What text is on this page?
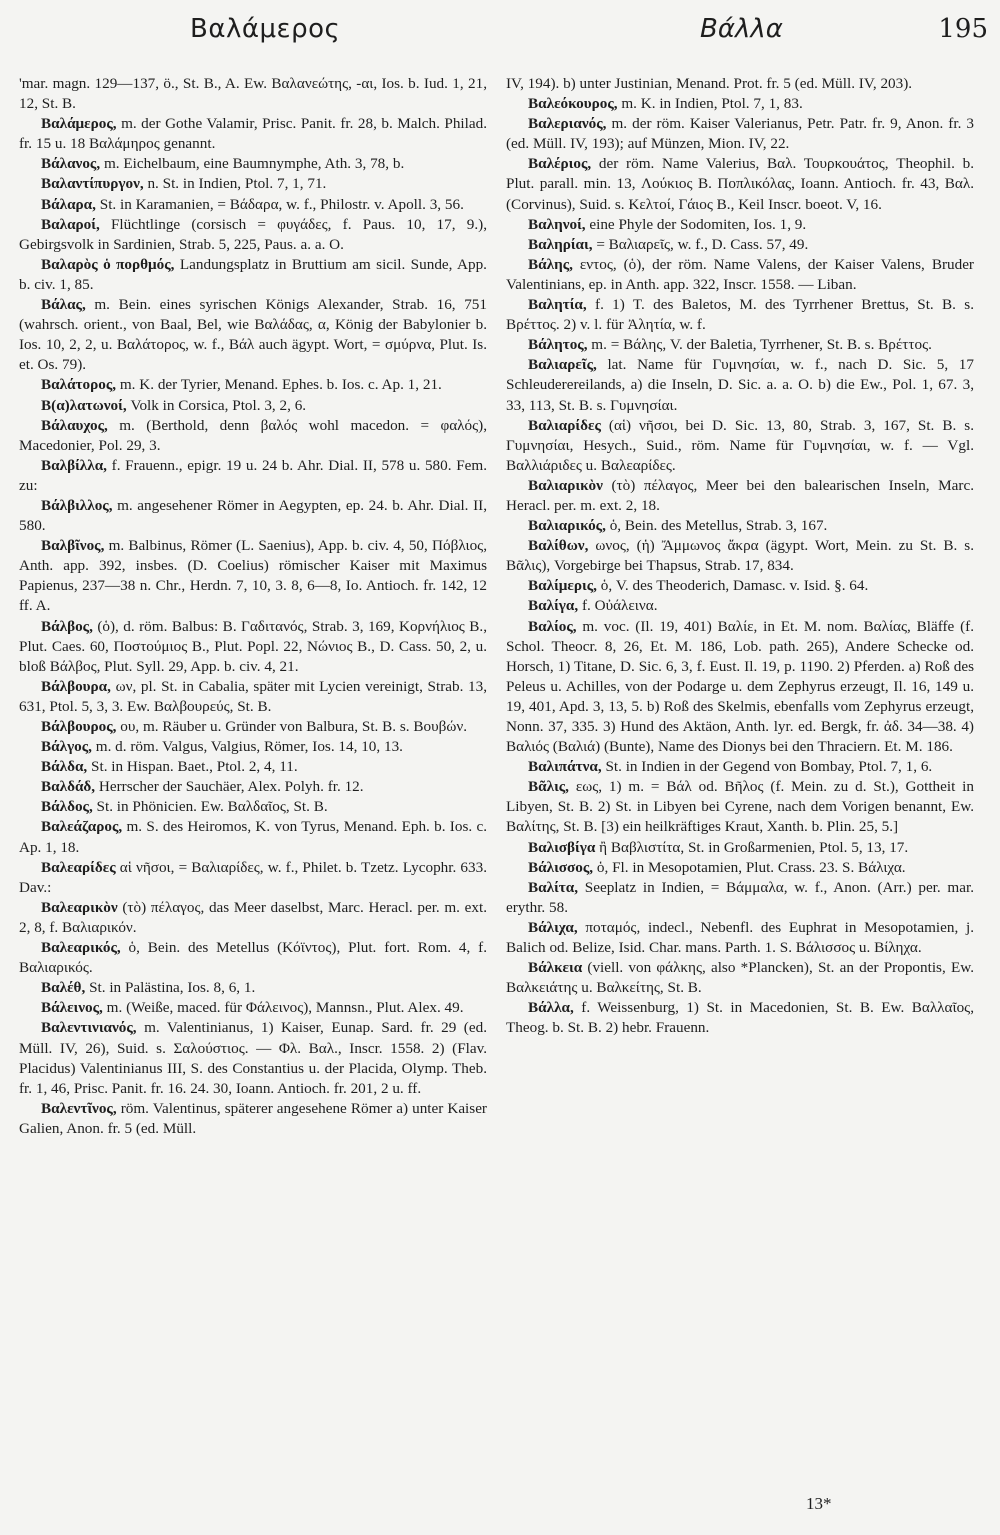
Βαλάμερος	Βάλλα	195

'mar. magn. 129—137, ö., St. B., A. Ew. Βαλανεώτης, -αι, Ios. b. Iud. 1, 21, 12, St. B.

Βαλάμερος, m. der Gothe Valamir, Prisc. Panit. fr. 28, b. Malch. Philad. fr. 15 u. 18 Βαλάμηρος genannt.

Βάλανος, m. Eichelbaum, eine Baumnymphe, Ath. 3, 78, b.

Βαλαντίπυργον, n. St. in Indien, Ptol. 7, 1, 71.

Βάλαρα, St. in Karamanien, = Βάδαρα, w. f., Philostr. v. Apoll. 3, 56.

Βαλαροί, Flüchtlinge (corsisch = φυγάδες, f. Paus. 10, 17, 9.), Gebirgsvolk in Sardinien, Strab. 5, 225, Paus. a. a. O.

Βαλαρὸς ὁ πορθμός, Landungsplatz in Bruttium am sicil. Sunde, App. b. civ. 1, 85.

Βάλας, m. Bein. eines syrischen Königs Alexander, Strab. 16, 751 (wahrsch. orient., von Baal, Bel, wie Βαλάδας, α, König der Babylonier b. Ios. 10, 2, 2, u. Βαλάτορος, w. f., Βάλ auch ägypt. Wort, = σμύρνα, Plut. Is. et. Os. 79).

Βαλάτορος, m. K. der Tyrier, Menand. Ephes. b. Ios. c. Ap. 1, 21.

B(α)λατωνοί, Volk in Corsica, Ptol. 3, 2, 6.

Βάλαυχος, m. (Berthold, denn βαλός wohl macedon. = φαλός), Macedonier, Pol. 29, 3.

Βαλβίλλα, f. Frauenn., epigr. 19 u. 24 b. Ahr. Dial. II, 578 u. 580. Fem. zu:

Βάλβιλλος, m. angesehener Römer in Aegypten, ep. 24. b. Ahr. Dial. II, 580.

Βαλβῖνος, m. Balbinus, Römer (L. Saenius), App. b. civ. 4, 50, Πόβλιος, Anth. app. 392, insbes. (D. Coelius) römischer Kaiser mit Maximus Papienus, 237—38 n. Chr., Herdn. 7, 10, 3. 8, 6—8, Io. Antioch. fr. 142, 12 ff. A.

Βάλβος, (ὁ), d. röm. Balbus: B. Γαδιτανός, Strab. 3, 169, Κορνήλιος B., Plut. Caes. 60, Ποστούμιος B., Plut. Popl. 22, Νώνιος B., D. Cass. 50, 2, u. bloß Βάλβος, Plut. Syll. 29, App. b. civ. 4, 21.

Βάλβουρα, ων, pl. St. in Cabalia, später mit Lycien vereinigt, Strab. 13, 631, Ptol. 5, 3, 3. Ew. Βαλβουρεύς, St. B.

Βάλβουρος, ου, m. Räuber u. Gründer von Balbura, St. B. s. Βουβών.

Βάλγος, m. d. röm. Valgus, Valgius, Römer, Ios. 14, 10, 13.

Βάλδα, St. in Hispan. Baet., Ptol. 2, 4, 11.

Βαλδάδ, Herrscher der Sauchäer, Alex. Polyh. fr. 12.

Βάλδος, St. in Phönicien. Ew. Βαλδαῖος, St. B.

Βαλεάζαρος, m. S. des Heiromos, K. von Tyrus, Menand. Eph. b. Ios. c. Ap. 1, 18.

Βαλεαρίδες αἱ νῆσοι, = Βαλιαρίδες, w. f., Philet. b. Tzetz. Lycophr. 633. Dav.:

Βαλεαρικὸν (τὸ) πέλαγος, das Meer daselbst, Marc. Heracl. per. m. ext. 2, 8, f. Βαλιαρικόν.

Βαλεαρικός, ὁ, Bein. des Metellus (Κόϊντος), Plut. fort. Rom. 4, f. Βαλιαρικός.

Βαλέθ, St. in Palästina, Ios. 8, 6, 1.

Βάλεινος, m. (Weiße, maced. für Φάλεινος), Mannsn., Plut. Alex. 49.

Βαλεντινιανός, m. Valentinianus, 1) Kaiser, Eunap. Sard. fr. 29 (ed. Müll. IV, 26), Suid. s. Σαλούστιος. — Φλ. Βαλ., Inscr. 1558. 2) (Flav. Placidus) Valentinianus III, S. des Constantius u. der Placida, Olymp. Theb. fr. 1, 46, Prisc. Panit. fr. 16. 24. 30, Ioann. Antioch. fr. 201, 2 u. ff.

Βαλεντῖνος, röm. Valentinus, späterer angesehene Römer a) unter Kaiser Galien, Anon. fr. 5 (ed. Müll.

IV, 194). b) unter Justinian, Menand. Prot. fr. 5 (ed. Müll. IV, 203).

Βαλεόκουρος, m. K. in Indien, Ptol. 7, 1, 83.

Βαλεριανός, m. der röm. Kaiser Valerianus, Petr. Patr. fr. 9, Anon. fr. 3 (ed. Müll. IV, 193); auf Münzen, Mion. IV, 22.

Βαλέριος, der röm. Name Valerius, Βαλ. Τουρκουάτος, Theophil. b. Plut. parall. min. 13, Λούκιος B. Ποπλικόλας, Ioann. Antioch. fr. 43, Βαλ. (Corvinus), Suid. s. Κελτοί, Γάιος B., Keil Inscr. boeot. V, 16.

Βαληνοί, eine Phyle der Sodomiten, Ios. 1, 9.

Βαληρίαι, = Βαλιαρεῖς, w. f., D. Cass. 57, 49.

Βάλης, εντος, (ὁ), der röm. Name Valens, der Kaiser Valens, Bruder Valentinians, ep. in Anth. app. 322, Inscr. 1558. — Liban.

Βαλητία, f. 1) T. des Baletos, M. des Tyrrhener Brettus, St. B. s. Βρέττος. 2) v. l. für Ἀλητία, w. f.

Βάλητος, m. = Βάλης, V. der Baletia, Tyrrhener, St. B. s. Βρέττος.

Βαλιαρεῖς, lat. Name für Γυμνησίαι, w. f., nach D. Sic. 5, 17 Schleuderereilands, a) die Inseln, D. Sic. a. a. O. b) die Ew., Pol. 1, 67. 3, 33, 113, St. B. s. Γυμνησίαι.

Βαλιαρίδες (αἱ) νῆσοι, bei D. Sic. 13, 80, Strab. 3, 167, St. B. s. Γυμνησίαι, Hesych., Suid., röm. Name für Γυμνησίαι, w. f. — Vgl. Βαλλιάριδες u. Βαλεαρίδες.

Βαλιαρικὸν (τὸ) πέλαγος, Meer bei den balearischen Inseln, Marc. Heracl. per. m. ext. 2, 18.

Βαλιαρικός, ὁ, Bein. des Metellus, Strab. 3, 167.

Βαλίθων, ωνος, (ἡ) Ἄμμωνος ἄκρα (ägypt. Wort, Mein. zu St. B. s. Βᾶλις), Vorgebirge bei Thapsus, Strab. 17, 834.

Βαλίμερις, ὁ, V. des Theoderich, Damasc. v. Isid. §. 64.

Βαλίγα, f. Οὐάλεινα.

Βαλίος, m. voc. (Il. 19, 401) Βαλίε, in Et. M. nom. Βαλίας, Bläffe (f. Schol. Theocr. 8, 26, Et. M. 186, Lob. path. 265), Andere Schecke od. Horsch, 1) Titane, D. Sic. 6, 3, f. Eust. Il. 19, p. 1190. 2) Pferden. a) Roß des Peleus u. Achilles, von der Podarge u. dem Zephyrus erzeugt, Il. 16, 149 u. 19, 401, Apd. 3, 13, 5. b) Roß des Skelmis, ebenfalls vom Zephyrus erzeugt, Nonn. 37, 335. 3) Hund des Aktäon, Anth. lyr. ed. Bergk, fr. ἀδ. 34—38. 4) Βαλιός (Βαλιά) (Bunte), Name des Dionys bei den Thraciern. Et. M. 186.

Βαλιπάτνα, St. in Indien in der Gegend von Bombay, Ptol. 7, 1, 6.

Βᾶλις, εως, 1) m. = Βάλ od. Βῆλος (f. Mein. zu d. St.), Gottheit in Libyen, St. B. 2) St. in Libyen bei Cyrene, nach dem Vorigen benannt, Ew. Βαλίτης, St. B. [3) ein heilkräftiges Kraut, Xanth. b. Plin. 25, 5.]

Βαλισβίγα ἢ Βαβλιστίτα, St. in Großarmenien, Ptol. 5, 13, 17.

Βάλισσος, ὁ, Fl. in Mesopotamien, Plut. Crass. 23. S. Βάλιχα.

Βαλίτα, Seeplatz in Indien, = Βάμμαλα, w. f., Anon. (Arr.) per. mar. erythr. 58.

Βάλιχα, ποταμός, indecl., Nebenfl. des Euphrat in Mesopotamien, j. Balich od. Belize, Isid. Char. mans. Parth. 1. S. Βάλισσος u. Βίληχα.

Βάλκεια (viell. von φάλκης, also *Plancken), St. an der Propontis, Ew. Βαλκειάτης u. Βαλκείτης, St. B.

Βάλλα, f. Weissenburg, 1) St. in Macedonien, St. B. Ew. Βαλλαῖος, Theog. b. St. B. 2) hebr. Frauenn.

13*
